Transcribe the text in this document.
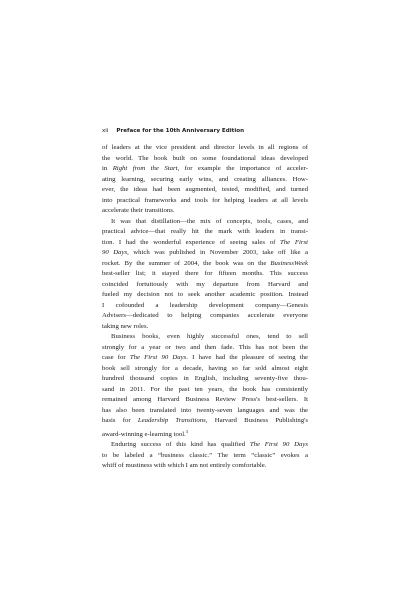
xii Preface for the 10th Anniversary Edition

of leaders at the vice president and director levels in all regions of
the world. The book built on some foundational ideas developed
in Right from the Start, for example the importance of acceler-
ating learning, securing early wins, and creating alliances. How-
ever, the ideas had been augmented, tested, modified, and turned
into practical frameworks and tools for helping leaders at all levels
accelerate their transitions.

It was that distillation—the mix of concepts, tools, cases, and
practical advice—that really hit the mark with leaders in transi-
tion. I had the wonderful experience of seeing sales of The First
90 Days, which was published in November 2003, take off like a
rocket. By the summer of 2004, the book was on the BusinessWeek
best-seller list; it stayed there for fifteen months. This success
coincided fortuitously with my departure from Harvard and
fueled my decision not to seek another academic position. Instead
I cofounded a leadership development company—Genesis
Advisers—dedicated to helping companies accelerate everyone
taking new roles.

Business books, even highly successful ones, tend to sell
strongly for a year or two and then fade. This has not been the
case for The First 90 Days. I have had the pleasure of seeing the
book sell strongly for a decade, having so far sold almost eight
hundred thousand copies in English, including seventy-five thou-
sand in 2011. For the past ten years, the book has consistently
remained among Harvard Business Review Press's best-sellers. It
has also been translated into twenty-seven languages and was the
basis for Leadership Transitions, Harvard Business Publishing's
award-winning e-learning tool.$^3$

Enduring success of this kind has qualified The First 90 Days
to be labeled a “business classic.” The term “classic” evokes a
whiff of mustiness with which I am not entirely comfortable.
